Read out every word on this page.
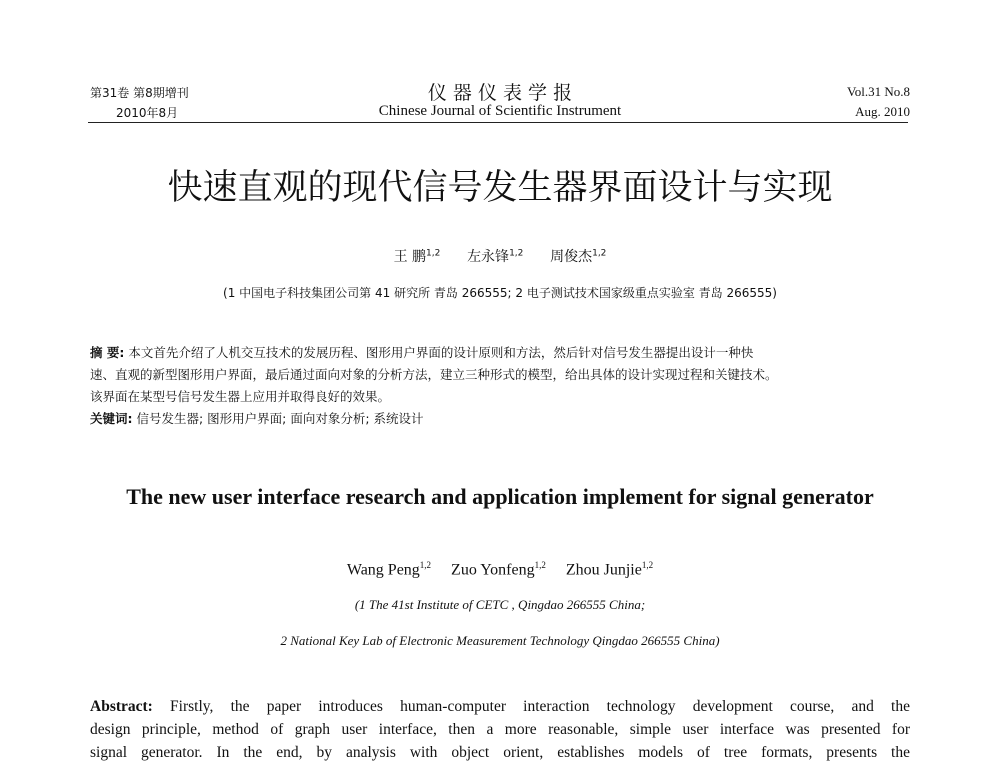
第31卷 第8期增刊
2010年8月
仪 器 仪 表 学 报
Chinese Journal of Scientific Instrument
Vol.31 No.8
Aug. 2010
快速直观的现代信号发生器界面设计与实现
王 鹏$^{1,2}$ 左永锋$^{1,2}$ 周俊杰$^{1,2}$
(1 中国电子科技集团公司第 41 研究所 青岛 266555; 2 电子测试技术国家级重点实验室 青岛 266555)
摘 要: 本文首先介绍了人机交互技术的发展历程、图形用户界面的设计原则和方法，然后针对信号发生器提出设计一种快
速、直观的新型图形用户界面，最后通过面向对象的分析方法，建立三种形式的模型，给出具体的设计实现过程和关键技术。
该界面在某型号信号发生器上应用并取得良好的效果。
关键词: 信号发生器; 图形用户界面; 面向对象分析; 系统设计
The new user interface research and application implement for signal generator
Wang Peng$^{1,2}$ Zuo Yonfeng$^{1,2}$ Zhou Junjie$^{1,2}$
(1 The 41st Institute of CETC , Qingdao 266555 China;
2 National Key Lab of Electronic Measurement Technology Qingdao 266555 China)
Abstract: Firstly, the paper introduces human-computer interaction technology development course, and the
design principle, method of graph user interface, then a more reasonable, simple user interface was presented for
signal generator. In the end, by analysis with object orient, establishes models of tree formats, presents the
